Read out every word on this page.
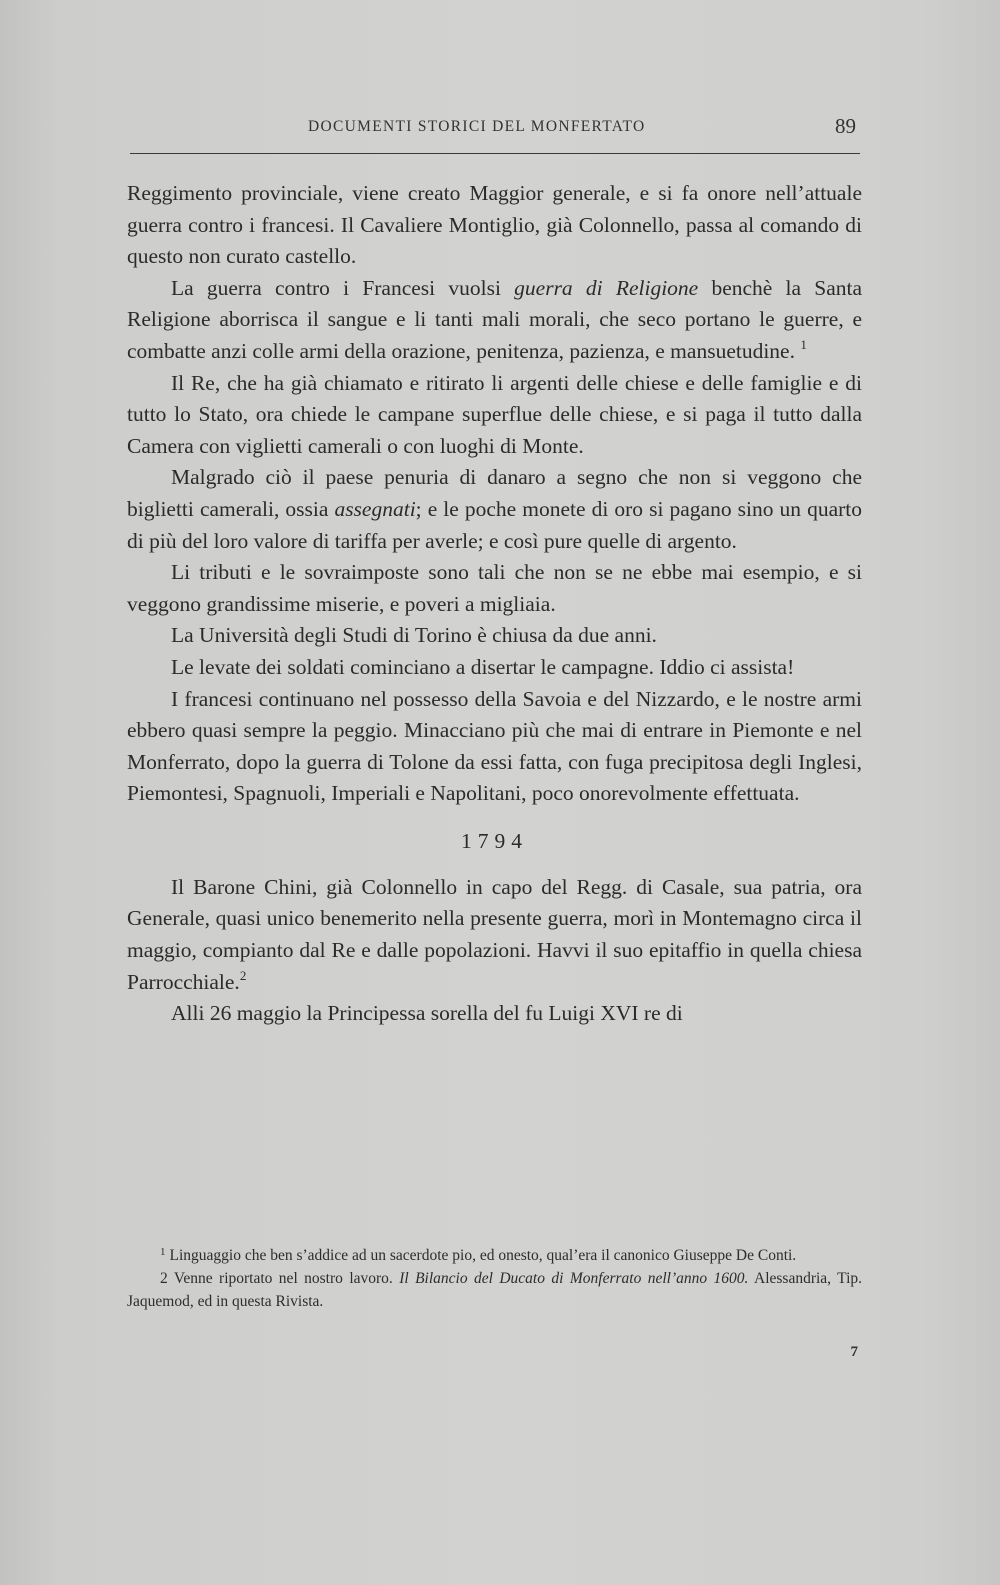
DOCUMENTI STORICI DEL MONFERTATO	89

Reggimento provinciale, viene creato Maggior generale, e si fa onore nell’attuale guerra contro i francesi. Il Cavaliere Montiglio, già Colonnello, passa al comando di questo non curato castello.

La guerra contro i Francesi vuolsi guerra di Religione benchè la Santa Religione aborrisca il sangue e li tanti mali morali, che seco portano le guerre, e combatte anzi colle armi della orazione, penitenza, pazienza, e mansuetudine. $^1$

Il Re, che ha già chiamato e ritirato li argenti delle chiese e delle famiglie e di tutto lo Stato, ora chiede le campane superflue delle chiese, e si paga il tutto dalla Camera con viglietti camerali o con luoghi di Monte.

Malgrado ciò il paese penuria di danaro a segno che non si veggono che biglietti camerali, ossia assegnati; e le poche monete di oro si pagano sino un quarto di più del loro valore di tariffa per averle; e così pure quelle di argento.

Li tributi e le sovraimposte sono tali che non se ne ebbe mai esempio, e si veggono grandissime miserie, e poveri a migliaia.

La Università degli Studi di Torino è chiusa da due anni.

Le levate dei soldati cominciano a disertar le campagne. Iddio ci assista!

I francesi continuano nel possesso della Savoia e del Nizzardo, e le nostre armi ebbero quasi sempre la peggio. Minacciano più che mai di entrare in Piemonte e nel Monferrato, dopo la guerra di Tolone da essi fatta, con fuga precipitosa degli Inglesi, Piemontesi, Spagnuoli, Imperiali e Napolitani, poco onorevolmente effettuata.

1794

Il Barone Chini, già Colonnello in capo del Regg. di Casale, sua patria, ora Generale, quasi unico benemerito nella presente guerra, morì in Montemagno circa il maggio, compianto dal Re e dalle popolazioni. Havvi il suo epitaffio in quella chiesa Parrocchiale.$^2$

Alli 26 maggio la Principessa sorella del fu Luigi XVI re di

$^1$ Linguaggio che ben s’addice ad un sacerdote pio, ed onesto, qual’era il canonico Giuseppe De Conti.

2 Venne riportato nel nostro lavoro. Il Bilancio del Ducato di Monferrato nell’anno 1600. Alessandria, Tip. Jaquemod, ed in questa Rivista.

7
